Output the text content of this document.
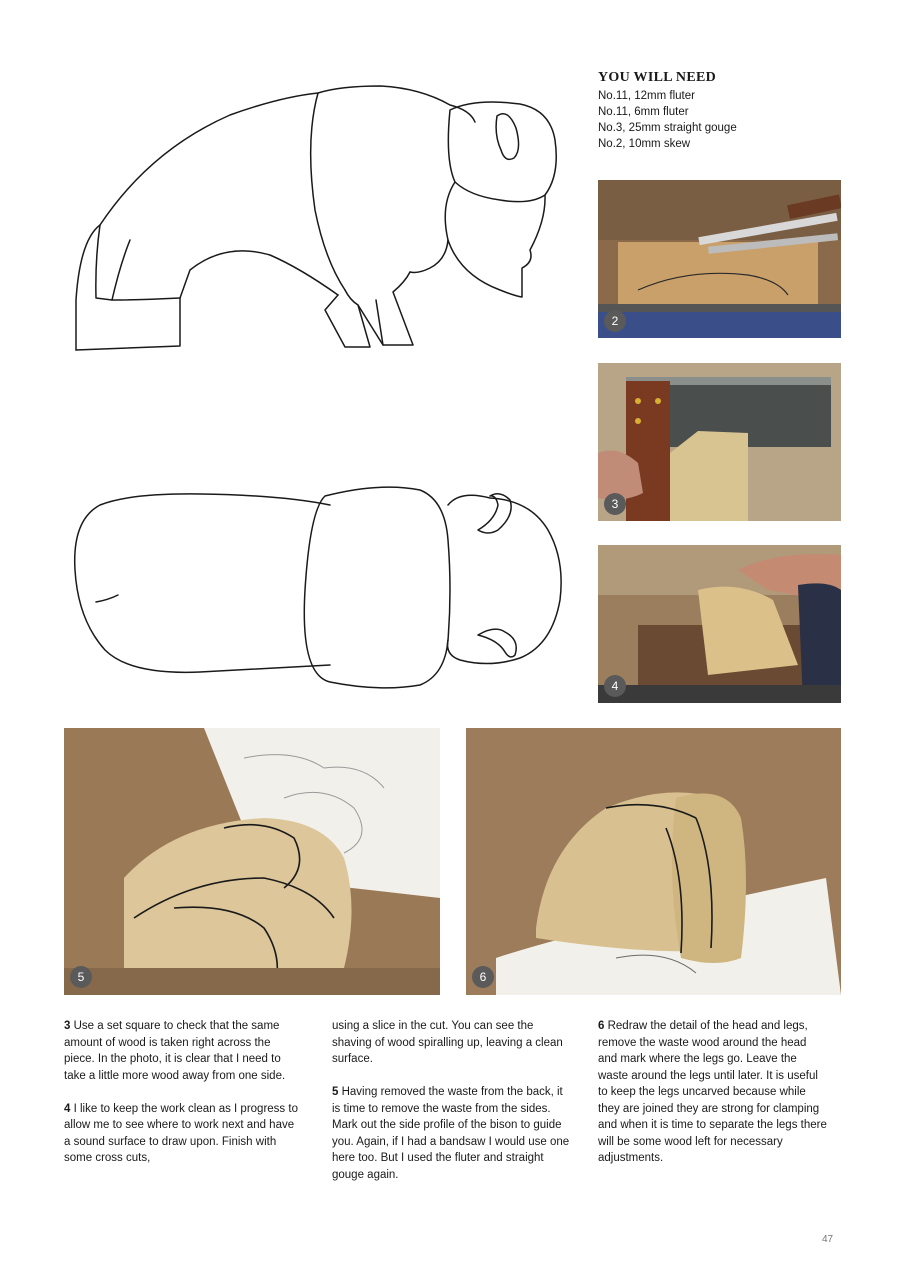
YOU WILL NEED
No.11, 12mm fluter
No.11, 6mm fluter
No.3, 25mm straight gouge
No.2, 10mm skew
2
3
4
5	6

3 Use a set square to check that the same amount of wood is taken right across the piece. In the photo, it is clear that I need to take a little more wood away from one side.

4 I like to keep the work clean as I progress to allow me to see where to work next and have a sound surface to draw upon. Finish with some cross cuts,

using a slice in the cut. You can see the shaving of wood spiralling up, leaving a clean surface.

5 Having removed the waste from the back, it is time to remove the waste from the sides. Mark out the side profile of the bison to guide you. Again, if I had a bandsaw I would use one here too. But I used the fluter and straight gouge again.

6 Redraw the detail of the head and legs, remove the waste wood around the head and mark where the legs go. Leave the waste around the legs until later. It is useful to keep the legs uncarved because while they are joined they are strong for clamping and when it is time to separate the legs there will be some wood left for necessary adjustments.

47
